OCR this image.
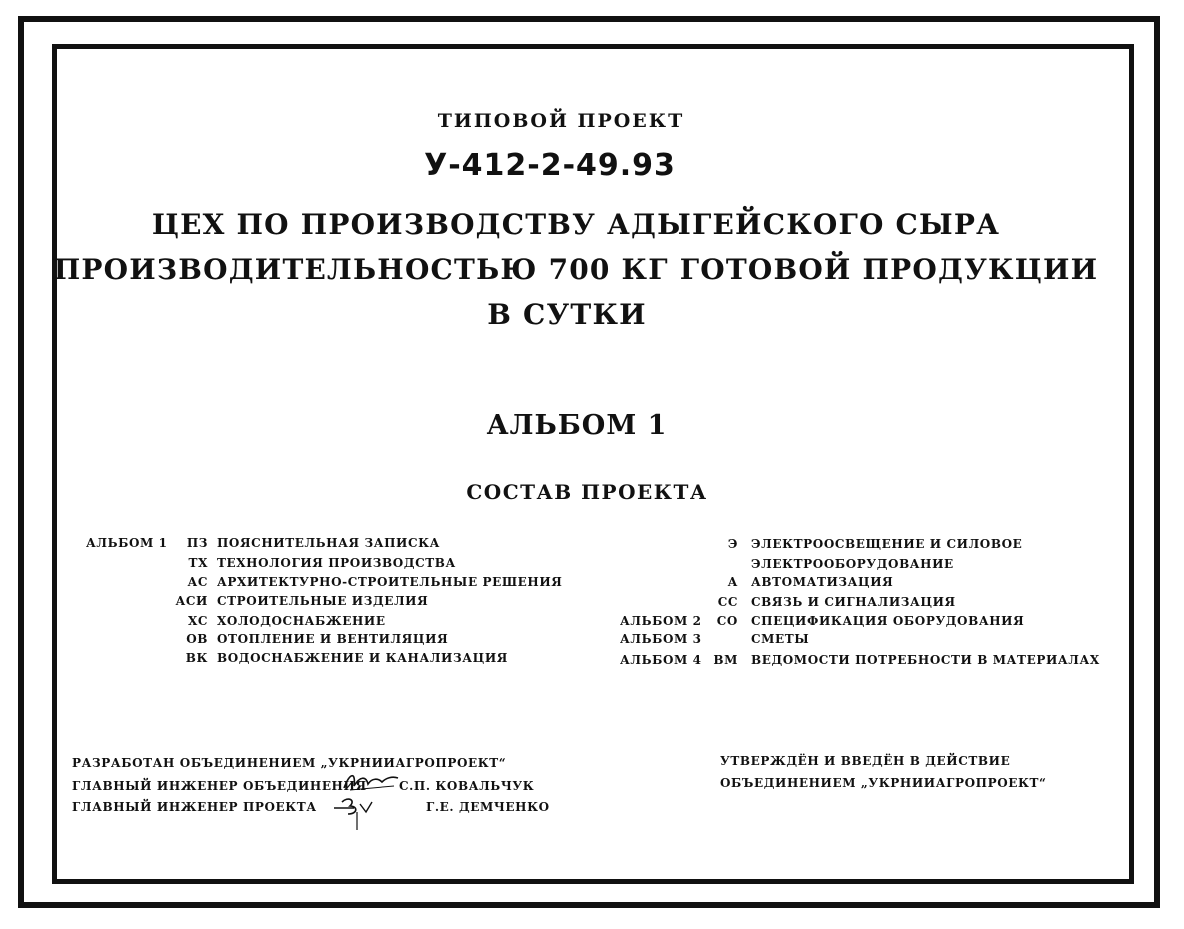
ТИПОВОЙ ПРОЕКТ
У-412-2-49.93
ЦЕХ ПО ПРОИЗВОДСТВУ АДЫГЕЙСКОГО СЫРА
ПРОИЗВОДИТЕЛЬНОСТЬЮ 700 КГ ГОТОВОЙ ПРОДУКЦИИ
В СУТКИ
АЛЬБОМ 1
СОСТАВ ПРОЕКТА
АЛЬБОМ 1	ПЗ ПОЯСНИТЕЛЬНАЯ ЗАПИСКА
ТХ ТЕХНОЛОГИЯ ПРОИЗВОДСТВА
АС АРХИТЕКТУРНО-СТРОИТЕЛЬНЫЕ РЕШЕНИЯ
АСИ СТРОИТЕЛЬНЫЕ ИЗДЕЛИЯ
ХС ХОЛОДОСНАБЖЕНИЕ
ОВ ОТОПЛЕНИЕ И ВЕНТИЛЯЦИЯ
ВК ВОДОСНАБЖЕНИЕ И КАНАЛИЗАЦИЯ
Э ЭЛЕКТРООСВЕЩЕНИЕ И СИЛОВОЕ
ЭЛЕКТРООБОРУДОВАНИЕ
А АВТОМАТИЗАЦИЯ
СС СВЯЗЬ И СИГНАЛИЗАЦИЯ
АЛЬБОМ 2	СО СПЕЦИФИКАЦИЯ ОБОРУДОВАНИЯ
АЛЬБОМ 3	СМЕТЫ
АЛЬБОМ 4 ВМ ВЕДОМОСТИ ПОТРЕБНОСТИ В МАТЕРИАЛАХ
РАЗРАБОТАН ОБЪЕДИНЕНИЕМ „УКРНИИАГРОПРОЕКТ“
ГЛАВНЫЙ ИНЖЕНЕР ОБЪЕДИНЕНИЯ	С.П. КОВАЛЬЧУК
ГЛАВНЫЙ ИНЖЕНЕР ПРОЕКТА	Г.Е. ДЕМЧЕНКО
УТВЕРЖДЁН И ВВЕДЁН В ДЕЙСТВИЕ
ОБЪЕДИНЕНИЕМ „УКРНИИАГРОПРОЕКТ“
